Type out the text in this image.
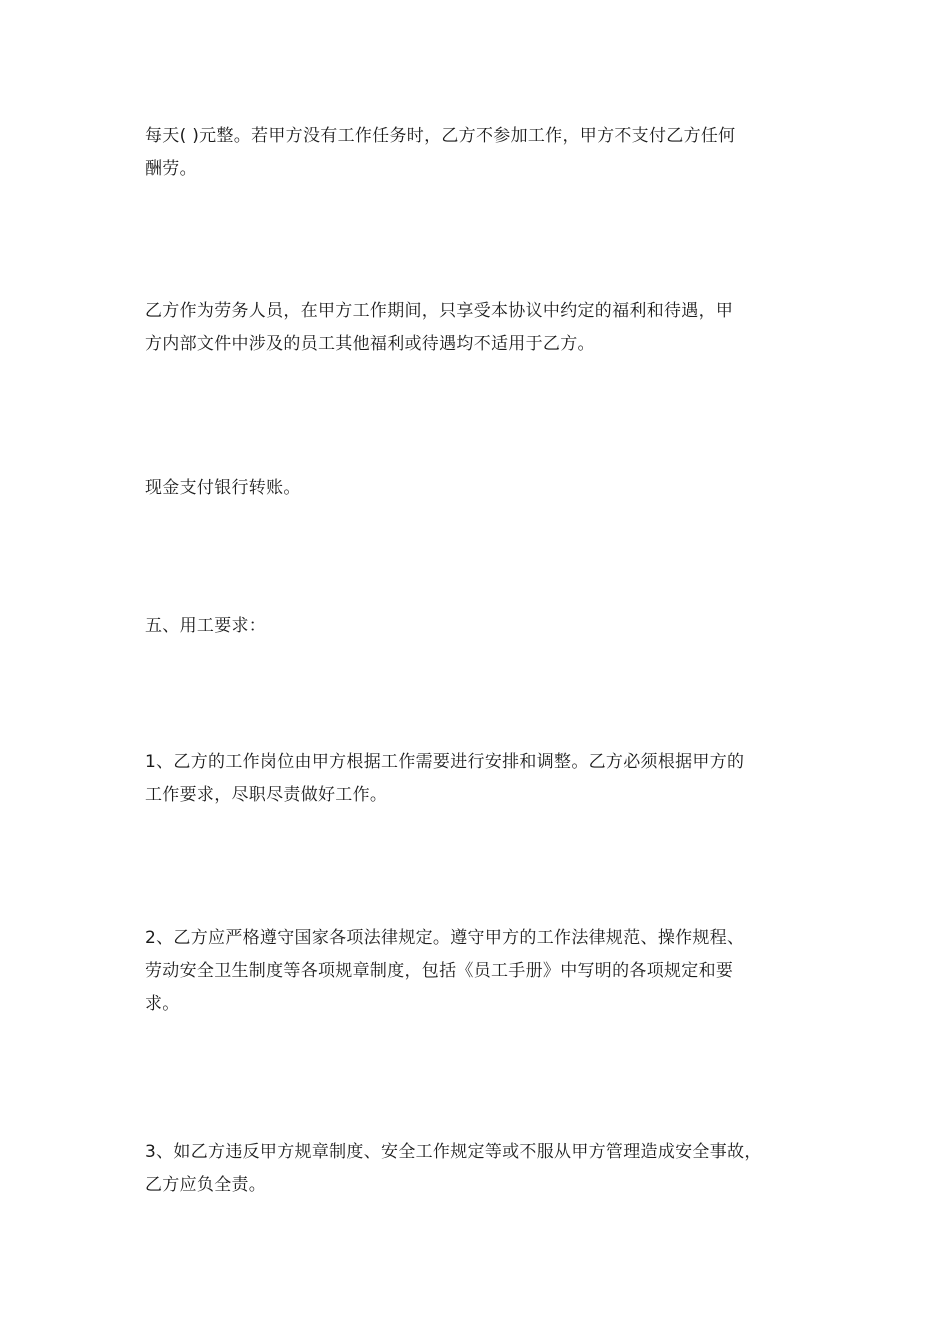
每天( )元整。若甲方没有工作任务时，乙方不参加工作，甲方不支付乙方任何
酬劳。

乙方作为劳务人员，在甲方工作期间，只享受本协议中约定的福利和待遇，甲
方内部文件中涉及的员工其他福利或待遇均不适用于乙方。

现金支付银行转账。

五、用工要求：

1、乙方的工作岗位由甲方根据工作需要进行安排和调整。乙方必须根据甲方的
工作要求，尽职尽责做好工作。

2、乙方应严格遵守国家各项法律规定。遵守甲方的工作法律规范、操作规程、
劳动安全卫生制度等各项规章制度，包括《员工手册》中写明的各项规定和要
求。

3、如乙方违反甲方规章制度、安全工作规定等或不服从甲方管理造成安全事故，
乙方应负全责。
